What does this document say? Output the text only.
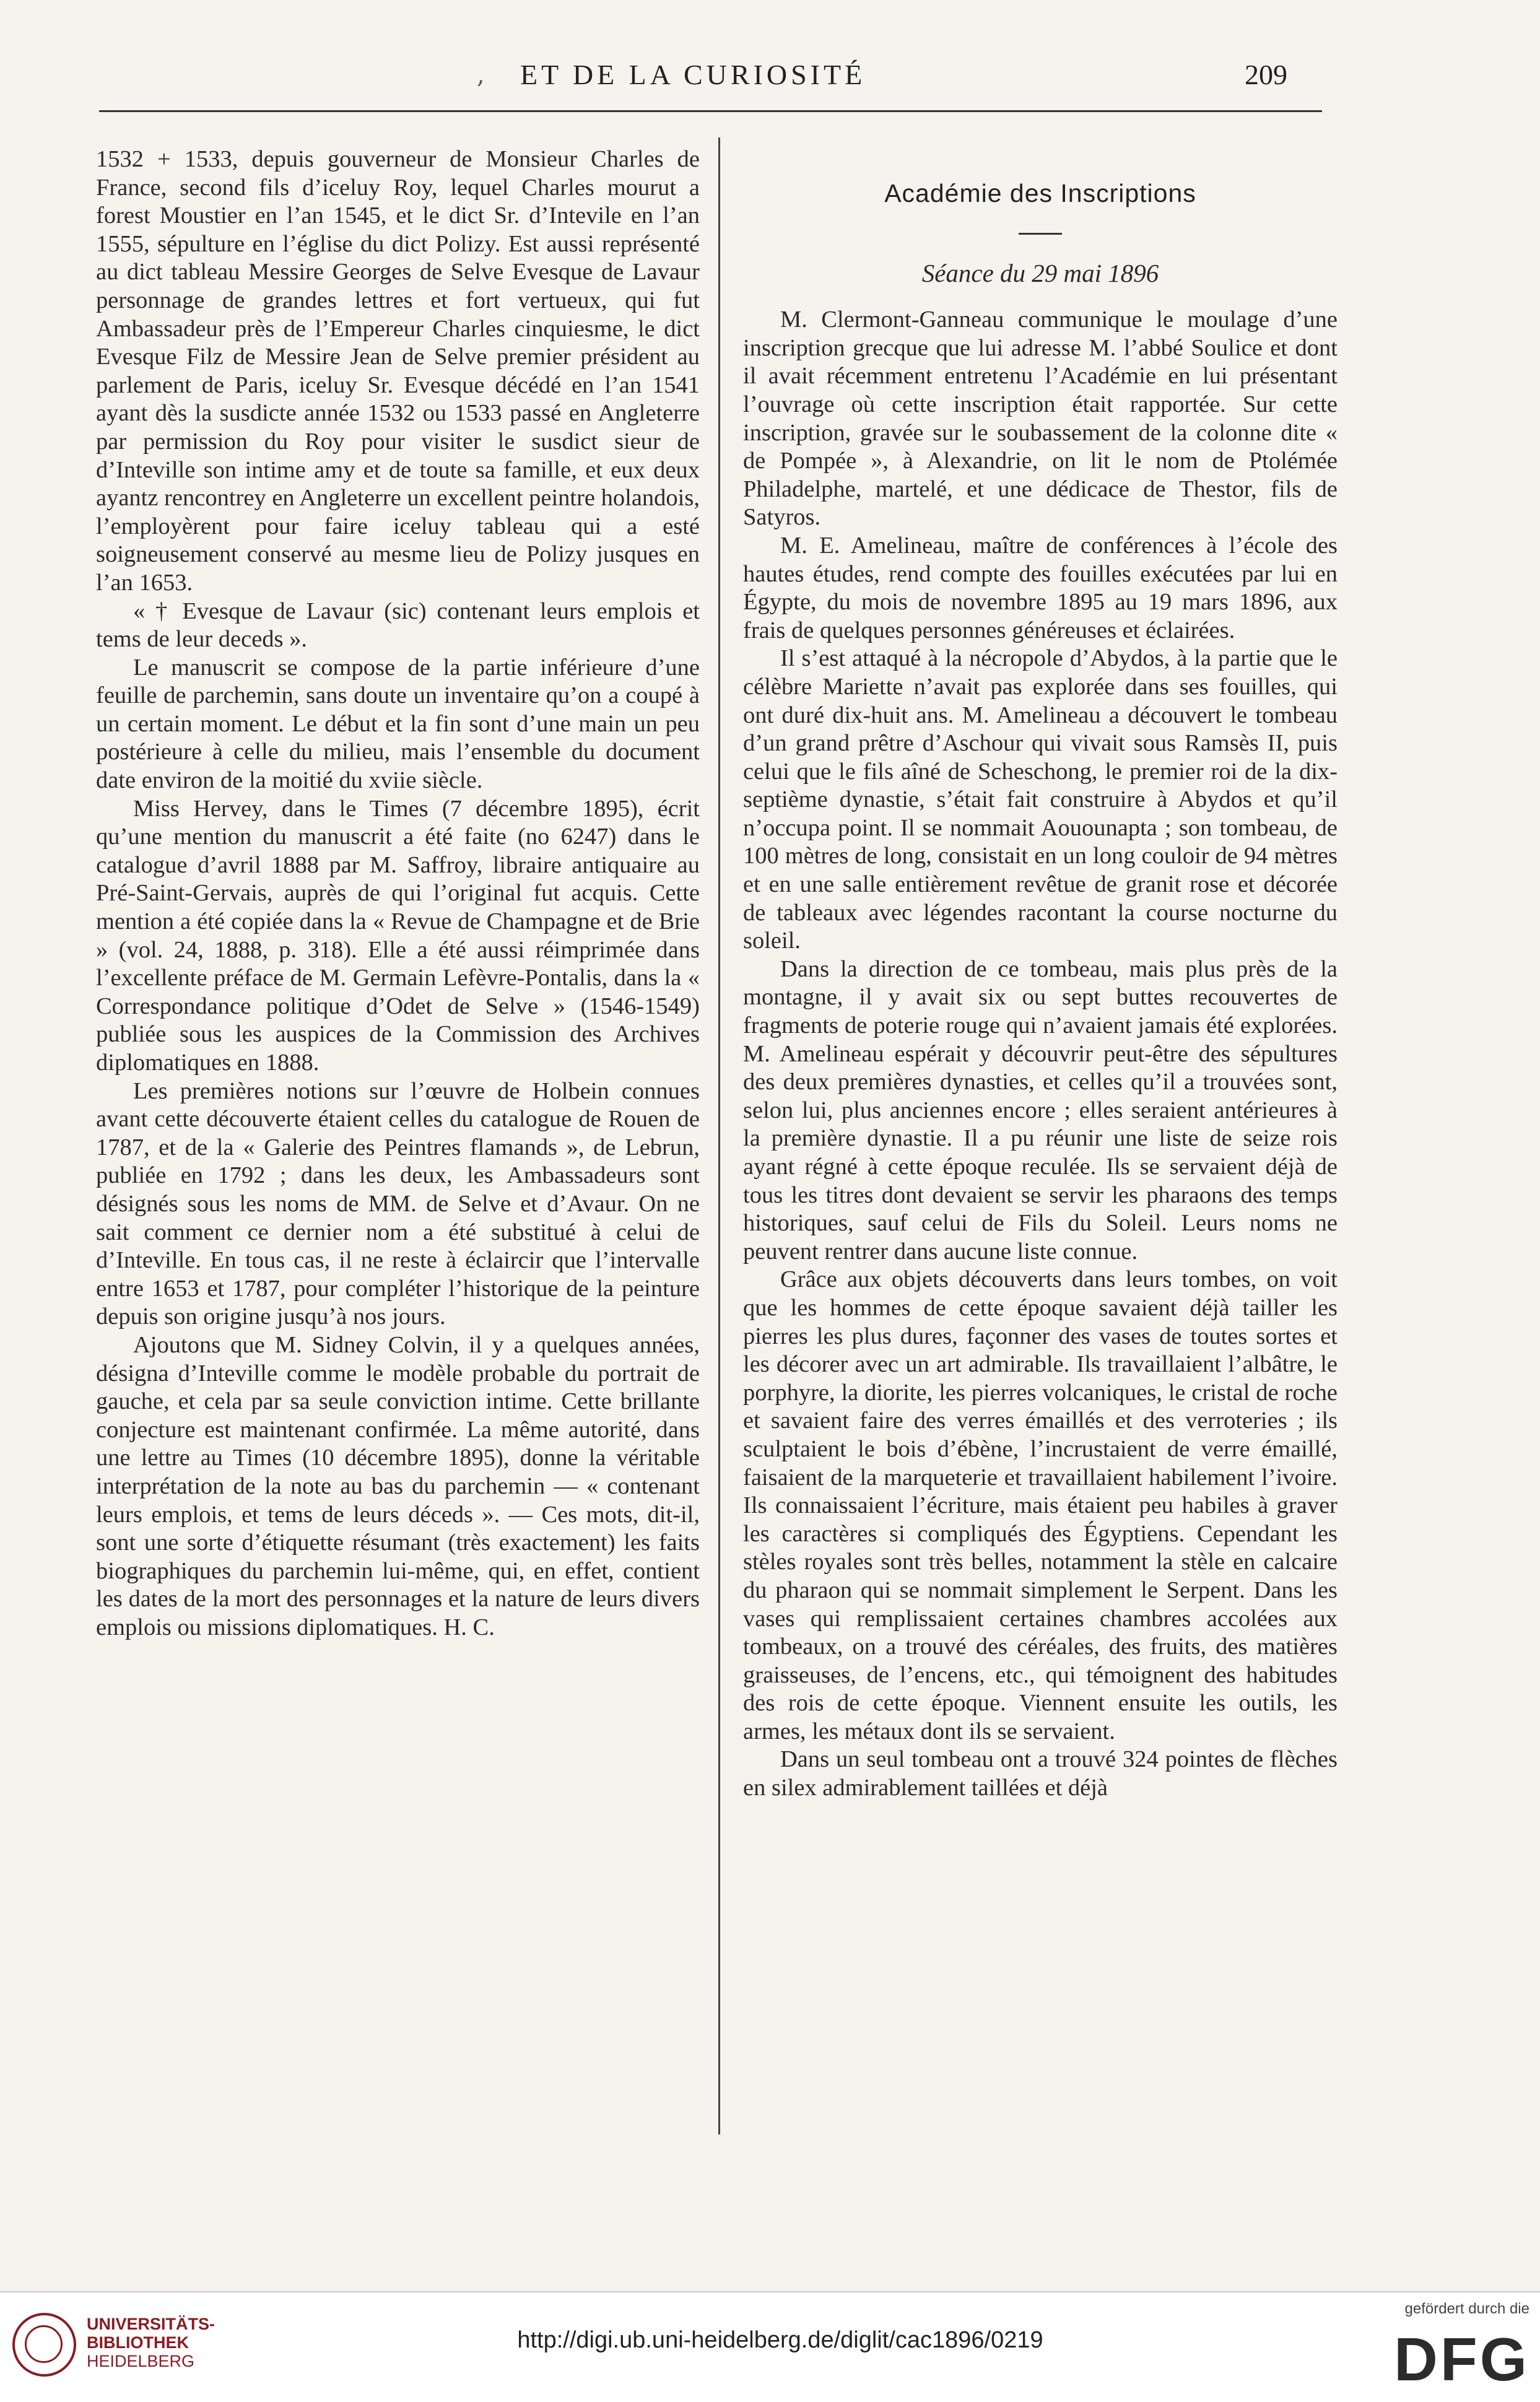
, ET DE LA CURIOSITÉ	209

1532 + 1533, depuis gouverneur de Monsieur Charles de France, second fils d’iceluy Roy, lequel Charles mourut a forest Moustier en l’an 1545, et le dict Sr. d’Intevile en l’an 1555, sépulture en l’église du dict Polizy. Est aussi représenté au dict tableau Messire Georges de Selve Evesque de Lavaur personnage de grandes lettres et fort vertueux, qui fut Ambassadeur près de l’Empereur Charles cinquiesme, le dict Evesque Filz de Messire Jean de Selve premier président au parlement de Paris, iceluy Sr. Evesque décédé en l’an 1541 ayant dès la susdicte année 1532 ou 1533 passé en Angleterre par permission du Roy pour visiter le susdict sieur de d’Inteville son intime amy et de toute sa famille, et eux deux ayantz rencontrey en Angleterre un excellent peintre holandois, l’employèrent pour faire iceluy tableau qui a esté soigneusement conservé au mesme lieu de Polizy jusques en l’an 1653.

« † Evesque de Lavaur (sic) contenant leurs emplois et tems de leur deceds ».

Le manuscrit se compose de la partie inférieure d’une feuille de parchemin, sans doute un inventaire qu’on a coupé à un certain moment. Le début et la fin sont d’une main un peu postérieure à celle du milieu, mais l’ensemble du document date environ de la moitié du xviie siècle.

Miss Hervey, dans le Times (7 décembre 1895), écrit qu’une mention du manuscrit a été faite (no 6247) dans le catalogue d’avril 1888 par M. Saffroy, libraire antiquaire au Pré-Saint-Gervais, auprès de qui l’original fut acquis. Cette mention a été copiée dans la « Revue de Champagne et de Brie » (vol. 24, 1888, p. 318). Elle a été aussi réimprimée dans l’excellente préface de M. Germain Lefèvre-Pontalis, dans la « Correspondance politique d’Odet de Selve » (1546-1549) publiée sous les auspices de la Commission des Archives diplomatiques en 1888.

Les premières notions sur l’œuvre de Holbein connues avant cette découverte étaient celles du catalogue de Rouen de 1787, et de la « Galerie des Peintres flamands », de Lebrun, publiée en 1792 ; dans les deux, les Ambassadeurs sont désignés sous les noms de MM. de Selve et d’Avaur. On ne sait comment ce dernier nom a été substitué à celui de d’Inteville. En tous cas, il ne reste à éclaircir que l’intervalle entre 1653 et 1787, pour compléter l’historique de la peinture depuis son origine jusqu’à nos jours.

Ajoutons que M. Sidney Colvin, il y a quelques années, désigna d’Inteville comme le modèle probable du portrait de gauche, et cela par sa seule conviction intime. Cette brillante conjecture est maintenant confirmée. La même autorité, dans une lettre au Times (10 décembre 1895), donne la véritable interprétation de la note au bas du parchemin — « contenant leurs emplois, et tems de leurs déceds ». — Ces mots, dit-il, sont une sorte d’étiquette résumant (très exactement) les faits biographiques du parchemin lui-même, qui, en effet, contient les dates de la mort des personnages et la nature de leurs divers emplois ou missions diplomatiques. H. C.

Académie des Inscriptions
Séance du 29 mai 1896

M. Clermont-Ganneau communique le moulage d’une inscription grecque que lui adresse M. l’abbé Soulice et dont il avait récemment entretenu l’Académie en lui présentant l’ouvrage où cette inscription était rapportée. Sur cette inscription, gravée sur le soubassement de la colonne dite « de Pompée », à Alexandrie, on lit le nom de Ptolémée Philadelphe, martelé, et une dédicace de Thestor, fils de Satyros.

M. E. Amelineau, maître de conférences à l’école des hautes études, rend compte des fouilles exécutées par lui en Égypte, du mois de novembre 1895 au 19 mars 1896, aux frais de quelques personnes généreuses et éclairées.

Il s’est attaqué à la nécropole d’Abydos, à la partie que le célèbre Mariette n’avait pas explorée dans ses fouilles, qui ont duré dix-huit ans. M. Amelineau a découvert le tombeau d’un grand prêtre d’Aschour qui vivait sous Ramsès II, puis celui que le fils aîné de Scheschong, le premier roi de la dix-septième dynastie, s’était fait construire à Abydos et qu’il n’occupa point. Il se nommait Aouounapta ; son tombeau, de 100 mètres de long, consistait en un long couloir de 94 mètres et en une salle entièrement revêtue de granit rose et décorée de tableaux avec légendes racontant la course nocturne du soleil.

Dans la direction de ce tombeau, mais plus près de la montagne, il y avait six ou sept buttes recouvertes de fragments de poterie rouge qui n’avaient jamais été explorées. M. Amelineau espérait y découvrir peut-être des sépultures des deux premières dynasties, et celles qu’il a trouvées sont, selon lui, plus anciennes encore ; elles seraient antérieures à la première dynastie. Il a pu réunir une liste de seize rois ayant régné à cette époque reculée. Ils se servaient déjà de tous les titres dont devaient se servir les pharaons des temps historiques, sauf celui de Fils du Soleil. Leurs noms ne peuvent rentrer dans aucune liste connue.

Grâce aux objets découverts dans leurs tombes, on voit que les hommes de cette époque savaient déjà tailler les pierres les plus dures, façonner des vases de toutes sortes et les décorer avec un art admirable. Ils travaillaient l’albâtre, le porphyre, la diorite, les pierres volcaniques, le cristal de roche et savaient faire des verres émaillés et des verroteries ; ils sculptaient le bois d’ébène, l’incrustaient de verre émaillé, faisaient de la marqueterie et travaillaient habilement l’ivoire. Ils connaissaient l’écriture, mais étaient peu habiles à graver les caractères si compliqués des Égyptiens. Cependant les stèles royales sont très belles, notamment la stèle en calcaire du pharaon qui se nommait simplement le Serpent. Dans les vases qui remplissaient certaines chambres accolées aux tombeaux, on a trouvé des céréales, des fruits, des matières graisseuses, de l’encens, etc., qui témoignent des habitudes des rois de cette époque. Viennent ensuite les outils, les armes, les métaux dont ils se servaient.

Dans un seul tombeau ont a trouvé 324 pointes de flèches en silex admirablement taillées et déjà

UNIVERSITÄTS-
BIBLIOTHEK
HEIDELBERG
http://digi.ub.uni-heidelberg.de/diglit/cac1896/0219
gefördert durch die
DFG
